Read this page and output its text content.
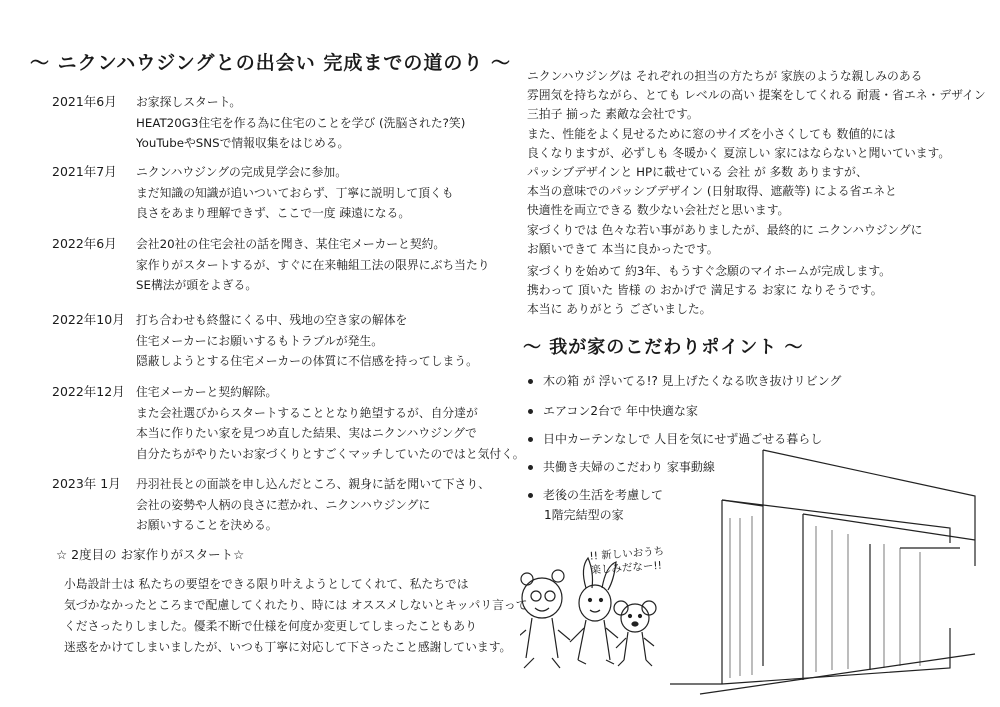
〜 ニクンハウジングとの出会い 完成までの道のり 〜
2021年6月	お家探しスタート。
HEAT20G3住宅を作る為に住宅のことを学び (洗脳された?笑)
YouTubeやSNSで情報収集をはじめる。
2021年7月	ニクンハウジングの完成見学会に参加。
まだ知識の知識が追いついておらず、丁寧に説明して頂くも
良さをあまり理解できず、ここで一度 疎遠になる。
2022年6月	会社20社の住宅会社の話を聞き、某住宅メーカーと契約。
家作りがスタートするが、すぐに在来軸組工法の限界にぶち当たり
SE構法が頭をよぎる。
2022年10月 打ち合わせも終盤にくる中、残地の空き家の解体を
住宅メーカーにお願いするもトラブルが発生。
隠蔽しようとする住宅メーカーの体質に不信感を持ってしまう。
2022年12月 住宅メーカーと契約解除。
また会社選びからスタートすることとなり絶望するが、自分達が
本当に作りたい家を見つめ直した結果、実はニクンハウジングで
自分たちがやりたいお家づくりとすごくマッチしていたのではと気付く。
2023年 1月	丹羽社長との面談を申し込んだところ、親身に話を聞いて下さり、
会社の姿勢や人柄の良さに惹かれ、ニクンハウジングに
お願いすることを決める。
☆ 2度目の お家作りがスタート☆
小島設計士は 私たちの要望をできる限り叶えようとしてくれて、私たちでは
気づかなかったところまで配慮してくれたり、時には オススメしないとキッパリ言って
くださったりしました。優柔不断で仕様を何度か変更してしまったこともあり
迷惑をかけてしまいましたが、いつも丁寧に対応して下さったこと感謝しています。
ニクンハウジングは それぞれの担当の方たちが 家族のような親しみのある
雰囲気を持ちながら、とても レベルの高い 提案をしてくれる 耐震・省エネ・デザイン
三拍子 揃った 素敵な会社です。
また、性能をよく見せるために窓のサイズを小さくしても 数値的には
良くなりますが、必ずしも 冬暖かく 夏涼しい 家にはならないと聞いています。
パッシブデザインと HPに載せている 会社 が 多数 ありますが、
本当の意味でのパッシブデザイン (日射取得、遮蔽等) による省エネと
快適性を両立できる 数少ない会社だと思います。
家づくりでは 色々な若い事がありましたが、最終的に ニクンハウジングに
お願いできて 本当に良かったです。
家づくりを始めて 約3年、もうすぐ念願のマイホームが完成します。
携わって 頂いた 皆様 の おかげで 満足する お家に なりそうです。
本当に ありがとう ございました。
〜 我が家のこだわりポイント 〜
木の箱 が 浮いてる!? 見上げたくなる吹き抜けリビング
エアコン2台で 年中快適な家
日中カーテンなしで 人目を気にせず過ごせる暮らし
共働き夫婦のこだわり 家事動線
老後の生活を考慮して
1階完結型の家
!! 新しいおうち
楽しみだなー!!
